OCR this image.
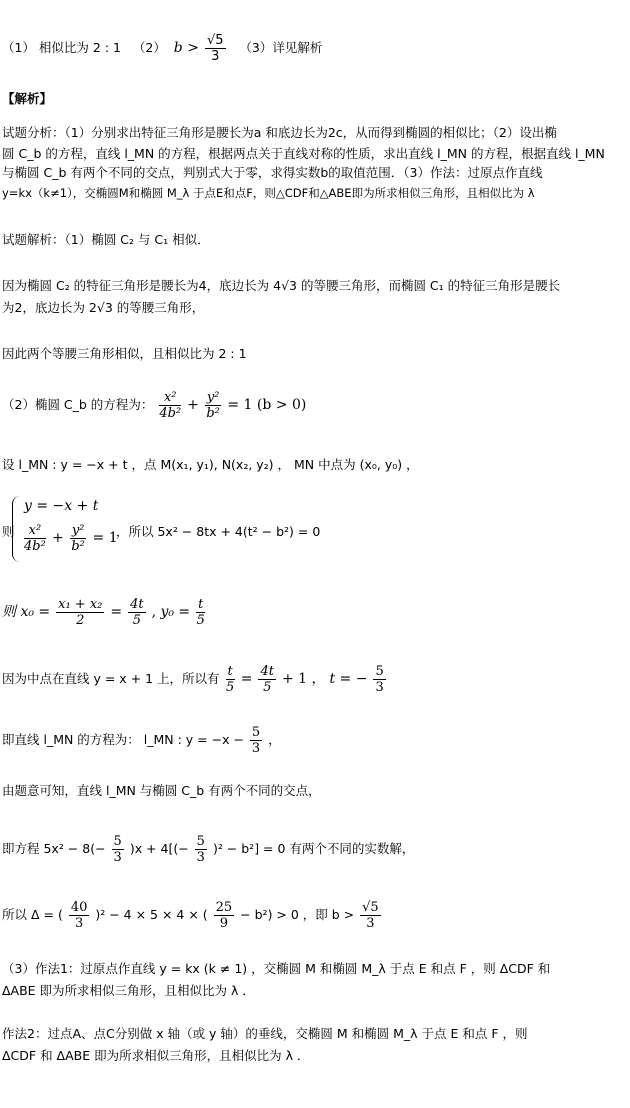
（1） 相似比为 2 : 1 （2） $b > \frac{√5}{3} (3)$详见解析
【解析】
试题分析：（1）分别求出特征三角形是腰长为a 和底边长为2c，从而得到椭圆的相似比；（2）设出椭
圆 C_b 的方程，直线 l_MN 的方程，根据两点关于直线对称的性质，求出直线 l_MN 的方程，根据直线 l_MN
与椭圆 C_b 有两个不同的交点，判别式大于零，求得实数b的取值范围．（3）作法：过原点作直线
y=kx（k≠1），交椭圆M和椭圆 M_λ 于点E和点F，则△CDF和△ABE即为所求相似三角形，且相似比为 λ
试题解析：（1）椭圆 C₂ 与 C₁ 相似．
因为椭圆 C₂ 的特征三角形是腰长为4，底边长为 4√3 的等腰三角形，而椭圆 C₁ 的特征三角形是腰长
为2，底边长为 2√3 的等腰三角形，
因此两个等腰三角形相似，且相似比为 2 : 1
（2）椭圆 C_b 的方程为： $\frac{\text{x²}}{\text{4b²}} + \frac{\text{y²}}{\text{b²}} = 1$ (b > 0)
设 l_MN : y = −x + t ，点 M(x₁, y₁), N(x₂, y₂) ， MN 中点为 (x₀, y₀) ，
则
y = −x + t
$\frac{\text{x²}}{\text{4b²}} + \frac{\text{y²}}{\text{b²}} = 1$
，所以 5x² − 8tx + 4(t² − b²) = 0
则 $x_0 = \frac{\text{x₁ + x₂}}{2} = \frac{4t}{5}$ , $y_0 = \frac{t}{5}$
因为中点在直线 y = x + 1 上，所以有 $\frac{t}{5} = \frac{4t}{5} + 1$ ， t = − $\frac{5}{3}$
即直线 l_MN 的方程为： l_MN : $y = -x - \frac{5}{3}$ ，
由题意可知，直线 l_MN 与椭圆 C_b 有两个不同的交点，
即方程 $5x^2 - 8(- \frac{5}{3} )x + 4[(- \frac{5}{3} )^2 - b^2] = 0$ 有两个不同的实数解，
所以 Δ = ( $\frac{40}{3} )^2 - 4 \times 5 \times 4$ × ( $\frac{25}{9} - b^2) > 0$ ，即 $b > \frac{√5}{3}$
（3）作法1：过原点作直线 y = kx (k ≠ 1) ，交椭圆 M 和椭圆 M_λ 于点 E 和点 F ，则 ΔCDF 和
ΔABE 即为所求相似三角形，且相似比为 λ ．
作法2：过点A、点C分别做 x 轴（或 y 轴）的垂线，交椭圆 M 和椭圆 M_λ 于点 E 和点 F ，则
ΔCDF 和 ΔABE 即为所求相似三角形，且相似比为 λ ．
